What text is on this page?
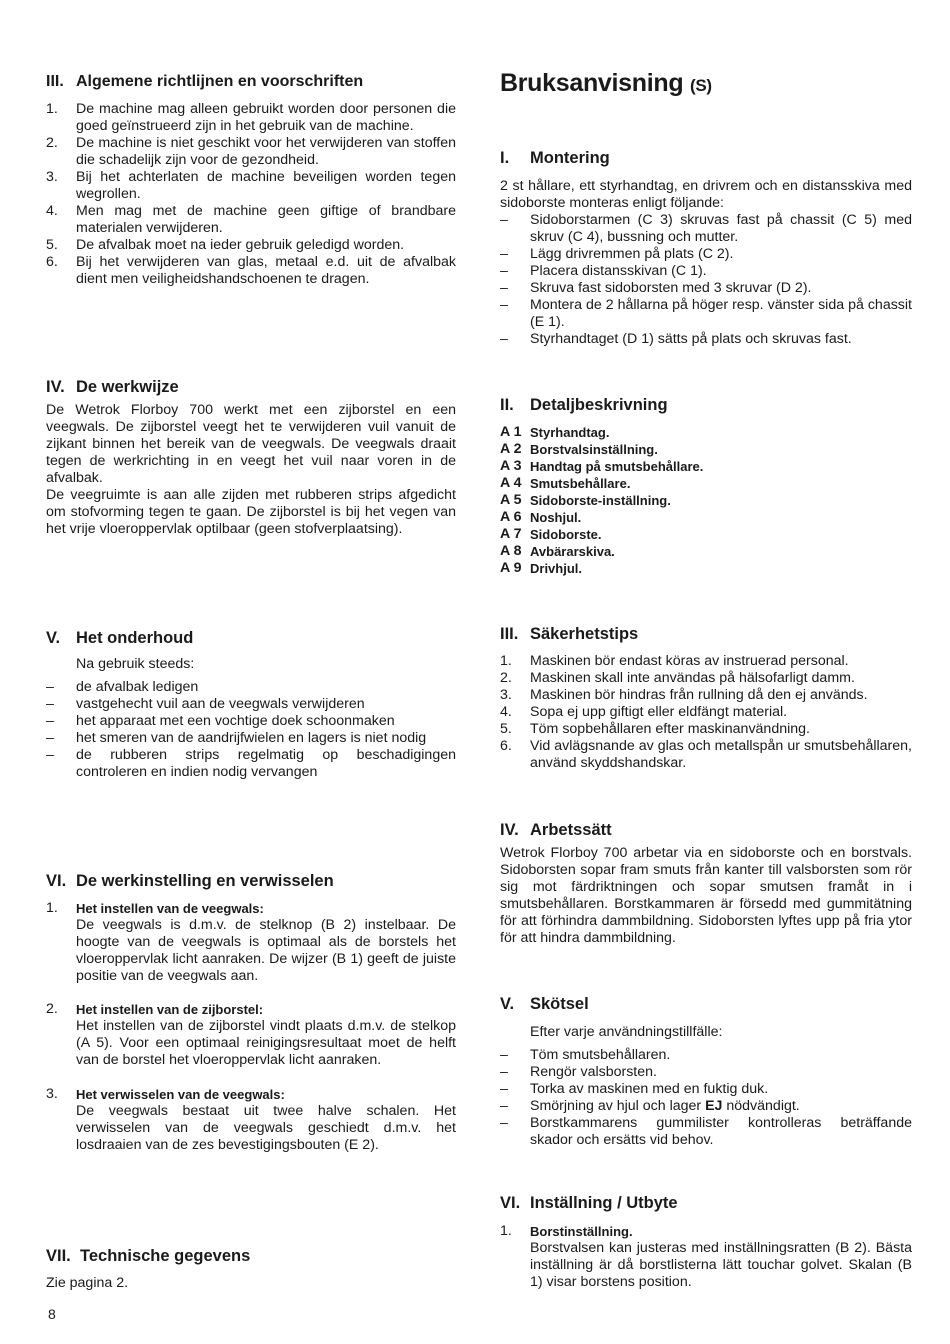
III. Algemene richtlijnen en voorschriften
1.	De machine mag alleen gebruikt worden door personen die goed geïnstrueerd zijn in het gebruik van de machine.
2.	De machine is niet geschikt voor het verwijderen van stoffen die schadelijk zijn voor de gezondheid.
3.	Bij het achterlaten de machine beveiligen worden tegen wegrollen.
4.	Men mag met de machine geen giftige of brandbare materialen verwijderen.
5.	De afvalbak moet na ieder gebruik geledigd worden.
6.	Bij het verwijderen van glas, metaal e.d. uit de afvalbak dient men veiligheidshandschoenen te dragen.
IV. De werkwijze

De Wetrok Florboy 700 werkt met een zijborstel en een veegwals. De zijborstel veegt het te verwijderen vuil vanuit de zijkant binnen het bereik van de veegwals. De veegwals draait tegen de werkrichting in en veegt het vuil naar voren in de afvalbak.

De veegruimte is aan alle zijden met rubberen strips afgedicht om stofvorming tegen te gaan. De zijborstel is bij het vegen van het vrije vloeroppervlak optilbaar (geen stofverplaatsing).

V. Het onderhoud

Na gebruik steeds:

–	de afvalbak ledigen
–	vastgehecht vuil aan de veegwals verwijderen
–	het apparaat met een vochtige doek schoonmaken
–	het smeren van de aandrijfwielen en lagers is niet nodig
–	de rubberen strips regelmatig op beschadigingen controleren en indien nodig vervangen
VI. De werkinstelling en verwisselen
1.	Het instellen van de veegwals:
De veegwals is d.m.v. de stelknop (B 2) instelbaar. De hoogte van de veegwals is optimaal als de borstels het vloeroppervlak licht aanraken. De wijzer (B 1) geeft de juiste positie van de veegwals aan.
2.	Het instellen van de zijborstel:
Het instellen van de zijborstel vindt plaats d.m.v. de stelkop (A 5). Voor een optimaal reinigingsresultaat moet de helft van de borstel het vloeroppervlak licht aanraken.
3.	Het verwisselen van de veegwals:
De veegwals bestaat uit twee halve schalen. Het verwisselen van de veegwals geschiedt d.m.v. het losdraaien van de zes bevestigingsbouten (E 2).
VII. Technische gegevens

Zie pagina 2.

8
Bruksanvisning (S)
I.	Montering

2 st hållare, ett styrhandtag, en drivrem och en distansskiva med sidoborste monteras enligt följande:

–	Sidoborstarmen (C 3) skruvas fast på chassit (C 5) med skruv (C 4), bussning och mutter.
–	Lägg drivremmen på plats (C 2).
–	Placera distansskivan (C 1).
–	Skruva fast sidoborsten med 3 skruvar (D 2).
–	Montera de 2 hållarna på höger resp. vänster sida på chassit (E 1).
–	Styrhandtaget (D 1) sätts på plats och skruvas fast.
II. Detaljbeskrivning
A 1 Styrhandtag.
A 2 Borstvalsinställning.
A 3 Handtag på smutsbehållare.
A 4 Smutsbehållare.
A 5 Sidoborste-inställning.
A 6 Noshjul.
A 7 Sidoborste.
A 8 Avbärarskiva.
A 9 Drivhjul.
III. Säkerhetstips
1.	Maskinen bör endast köras av instruerad personal.
2.	Maskinen skall inte användas på hälsofarligt damm.
3.	Maskinen bör hindras från rullning då den ej används.
4.	Sopa ej upp giftigt eller eldfängt material.
5.	Töm sopbehållaren efter maskinanvändning.
6.	Vid avlägsnande av glas och metallspån ur smutsbehållaren, använd skyddshandskar.
IV. Arbetssätt

Wetrok Florboy 700 arbetar via en sidoborste och en borstvals. Sidoborsten sopar fram smuts från kanter till valsborsten som rör sig mot färdriktningen och sopar smutsen framåt in i smutsbehållaren. Borstkammaren är försedd med gummitätning för att förhindra dammbildning. Sidoborsten lyftes upp på fria ytor för att hindra dammbildning.

V. Skötsel

Efter varje användningstillfälle:

–	Töm smutsbehållaren.
–	Rengör valsborsten.
–	Torka av maskinen med en fuktig duk.
–	Smörjning av hjul och lager EJ nödvändigt.
–	Borstkammarens gummilister kontrolleras beträffande skador och ersätts vid behov.
VI. Inställning / Utbyte
1.	Borstinställning.
Borstvalsen kan justeras med inställningsratten (B 2). Bästa inställning är då borstlisterna lätt touchar golvet. Skalan (B 1) visar borstens position.
